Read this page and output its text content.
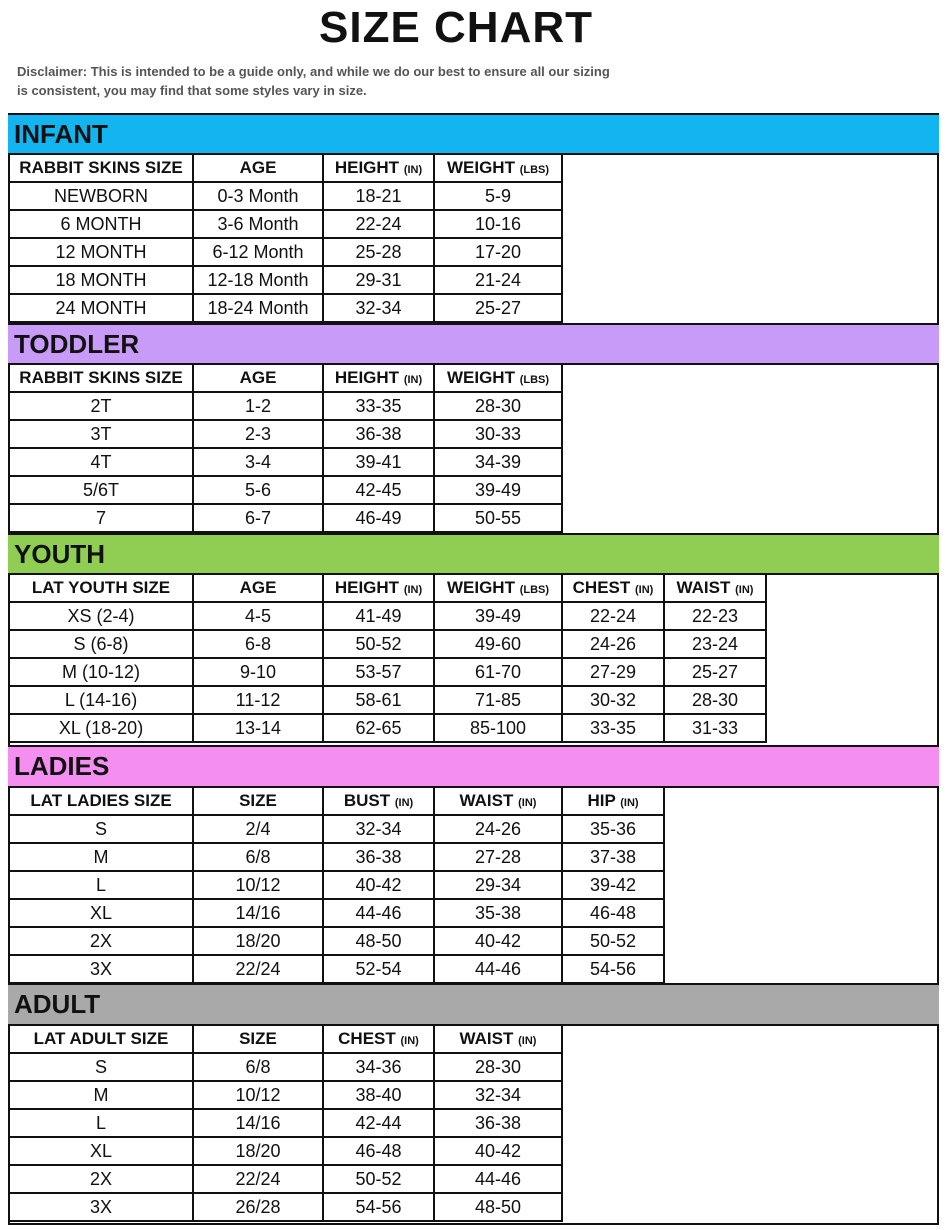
SIZE CHART
Disclaimer: This is intended to be a guide only, and while we do our best to ensure all our sizing is consistent, you may find that some styles vary in size.
INFANT
RABBIT SKINS SIZE	AGE	HEIGHT (IN)	WEIGHT (LBS)
NEWBORN	0-3 Month	18-21	5-9
6 MONTH	3-6 Month	22-24	10-16
12 MONTH	6-12 Month	25-28	17-20
18 MONTH	12-18 Month	29-31	21-24
24 MONTH	18-24 Month	32-34	25-27
TODDLER
RABBIT SKINS SIZE	AGE	HEIGHT (IN)	WEIGHT (LBS)
2T	1-2	33-35	28-30
3T	2-3	36-38	30-33
4T	3-4	39-41	34-39
5/6T	5-6	42-45	39-49
7	6-7	46-49	50-55
YOUTH
LAT YOUTH SIZE	AGE	HEIGHT (IN)	WEIGHT (LBS)	CHEST (IN)	WAIST (IN)
XS (2-4)	4-5	41-49	39-49	22-24	22-23
S (6-8)	6-8	50-52	49-60	24-26	23-24
M (10-12)	9-10	53-57	61-70	27-29	25-27
L (14-16)	11-12	58-61	71-85	30-32	28-30
XL (18-20)	13-14	62-65	85-100	33-35	31-33
LADIES
LAT LADIES SIZE	SIZE	BUST (IN)	WAIST (IN)	HIP (IN)
S	2/4	32-34	24-26	35-36
M	6/8	36-38	27-28	37-38
L	10/12	40-42	29-34	39-42
XL	14/16	44-46	35-38	46-48
2X	18/20	48-50	40-42	50-52
3X	22/24	52-54	44-46	54-56
ADULT
LAT ADULT SIZE	SIZE	CHEST (IN)	WAIST (IN)
S	6/8	34-36	28-30
M	10/12	38-40	32-34
L	14/16	42-44	36-38
XL	18/20	46-48	40-42
2X	22/24	50-52	44-46
3X	26/28	54-56	48-50
